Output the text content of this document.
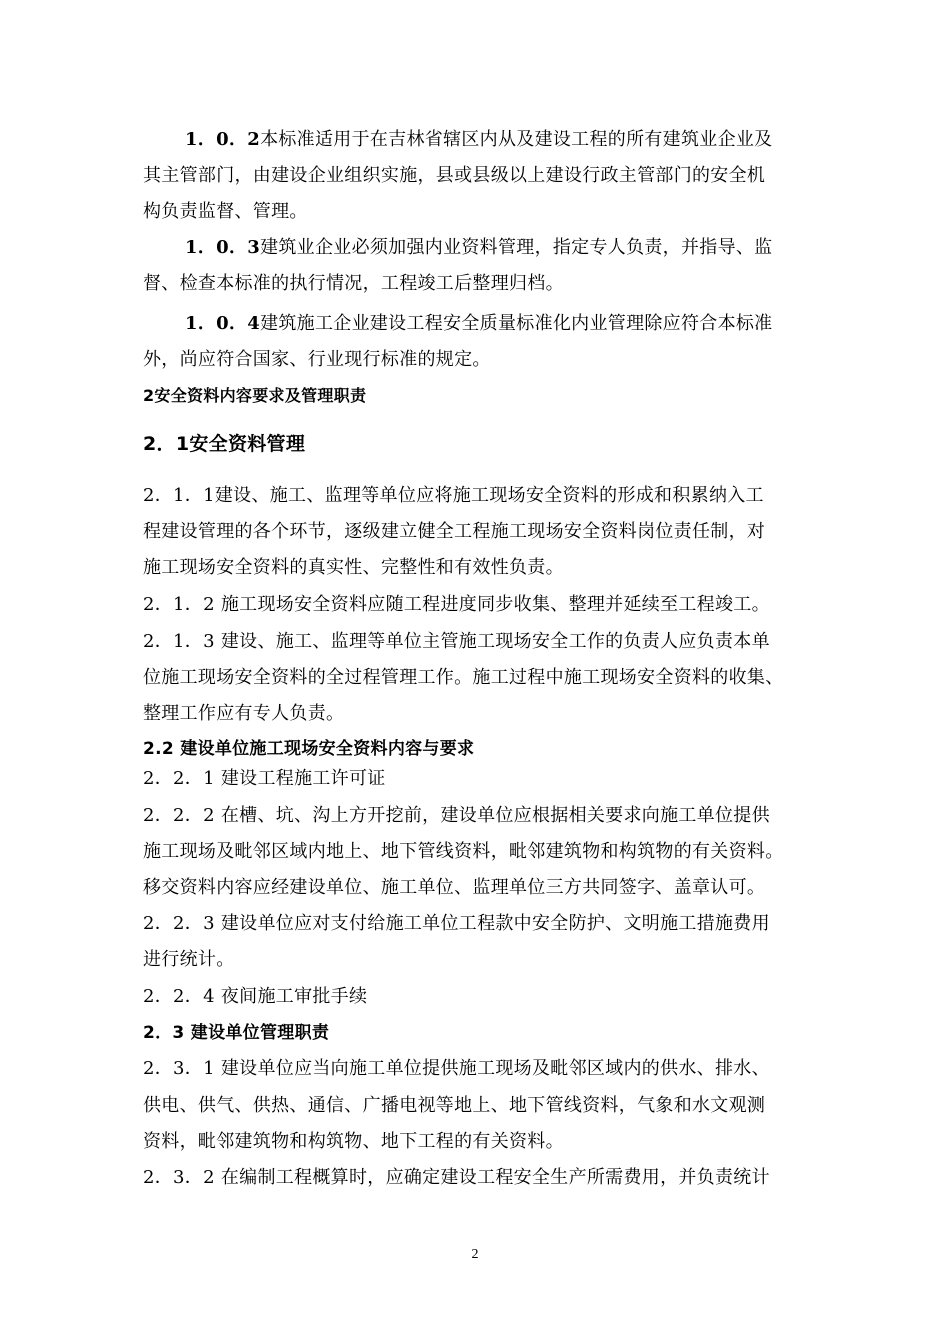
1．0．2本标准适用于在吉林省辖区内从及建设工程的所有建筑业企业及

其主管部门，由建设企业组织实施，县或县级以上建设行政主管部门的安全机

构负责监督、管理。

1．0．3建筑业企业必须加强内业资料管理，指定专人负责，并指导、监

督、检查本标准的执行情况，工程竣工后整理归档。

1．0．4建筑施工企业建设工程安全质量标准化内业管理除应符合本标准

外，尚应符合国家、行业现行标准的规定。

2安全资料内容要求及管理职责

2．1安全资料管理

2．1．1建设、施工、监理等单位应将施工现场安全资料的形成和积累纳入工

程建设管理的各个环节，逐级建立健全工程施工现场安全资料岗位责任制，对

施工现场安全资料的真实性、完整性和有效性负责。

2．1．2 施工现场安全资料应随工程进度同步收集、整理并延续至工程竣工。

2．1．3 建设、施工、监理等单位主管施工现场安全工作的负责人应负责本单

位施工现场安全资料的全过程管理工作。施工过程中施工现场安全资料的收集、

整理工作应有专人负责。

2.2 建设单位施工现场安全资料内容与要求

2．2．1 建设工程施工许可证

2．2．2 在槽、坑、沟上方开挖前，建设单位应根据相关要求向施工单位提供

施工现场及毗邻区域内地上、地下管线资料，毗邻建筑物和构筑物的有关资料。

移交资料内容应经建设单位、施工单位、监理单位三方共同签字、盖章认可。

2．2．3 建设单位应对支付给施工单位工程款中安全防护、文明施工措施费用

进行统计。

2．2．4 夜间施工审批手续

2．3 建设单位管理职责

2．3．1 建设单位应当向施工单位提供施工现场及毗邻区域内的供水、排水、

供电、供气、供热、通信、广播电视等地上、地下管线资料，气象和水文观测

资料，毗邻建筑物和构筑物、地下工程的有关资料。

2．3．2 在编制工程概算时，应确定建设工程安全生产所需费用，并负责统计

2
